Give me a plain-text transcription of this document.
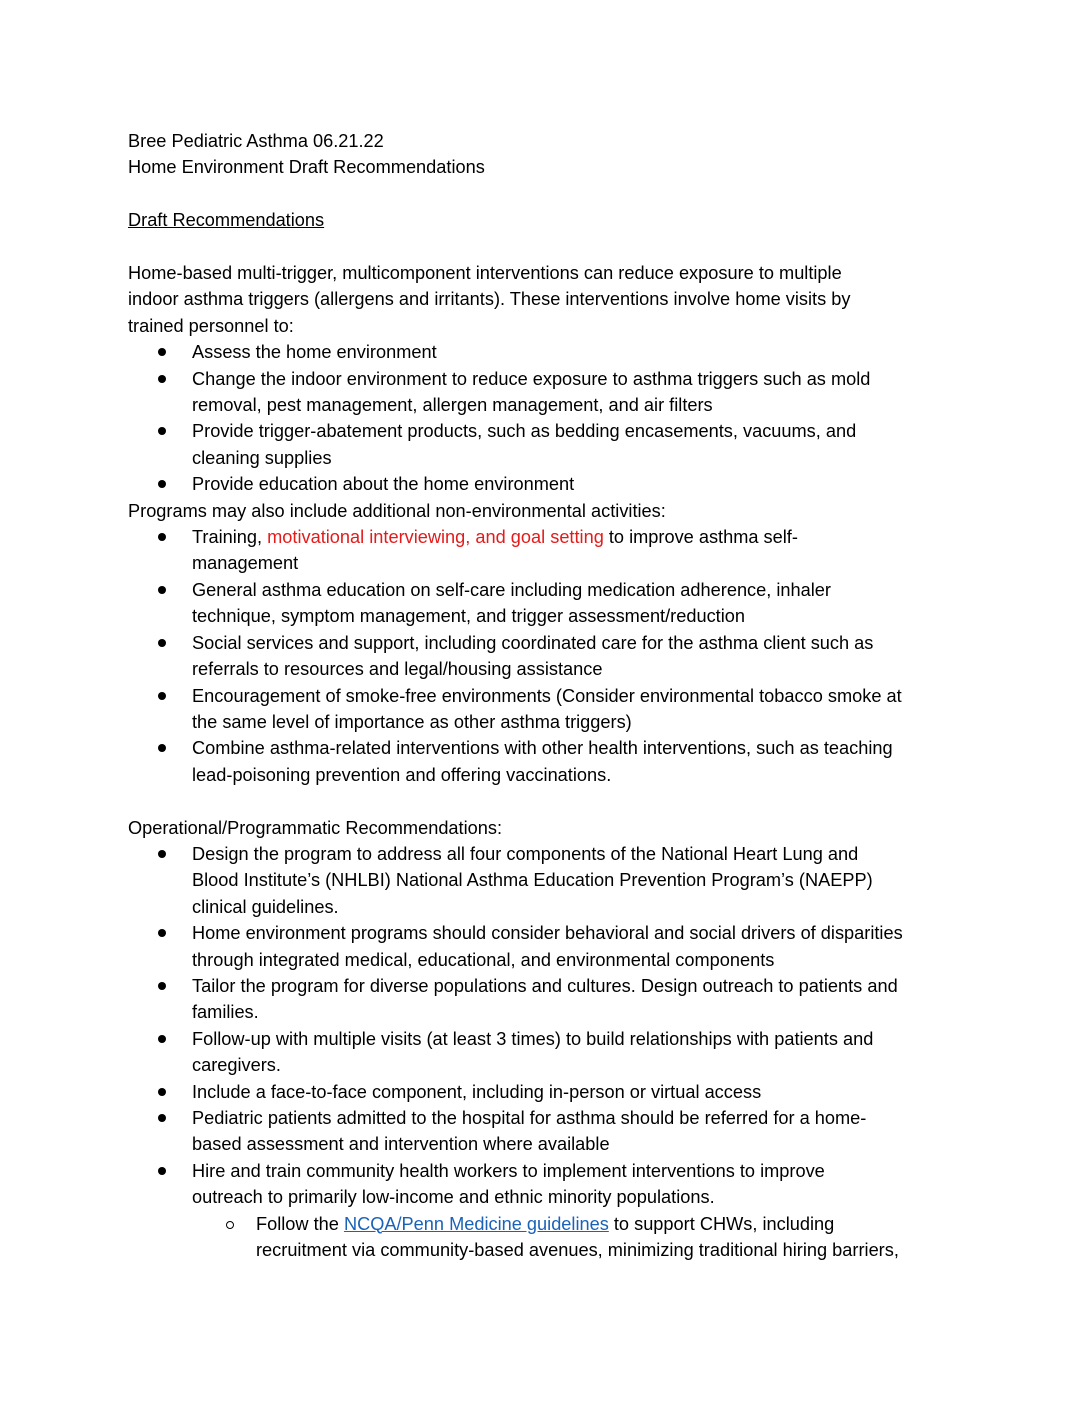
Bree Pediatric Asthma 06.21.22

Home Environment Draft Recommendations

Draft Recommendations

Home-based multi-trigger, multicomponent interventions can reduce exposure to multiple

indoor asthma triggers (allergens and irritants). These interventions involve home visits by

trained personnel to:

Assess the home environment

Change the indoor environment to reduce exposure to asthma triggers such as mold

removal, pest management, allergen management, and air filters

Provide trigger-abatement products, such as bedding encasements, vacuums, and

cleaning supplies

Provide education about the home environment

Programs may also include additional non-environmental activities:

Training, motivational interviewing, and goal setting to improve asthma self-

management

General asthma education on self-care including medication adherence, inhaler

technique, symptom management, and trigger assessment/reduction

Social services and support, including coordinated care for the asthma client such as

referrals to resources and legal/housing assistance

Encouragement of smoke-free environments (Consider environmental tobacco smoke at

the same level of importance as other asthma triggers)

Combine asthma-related interventions with other health interventions, such as teaching

lead-poisoning prevention and offering vaccinations.

Operational/Programmatic Recommendations:

Design the program to address all four components of the National Heart Lung and

Blood Institute’s (NHLBI) National Asthma Education Prevention Program’s (NAEPP)

clinical guidelines.

Home environment programs should consider behavioral and social drivers of disparities

through integrated medical, educational, and environmental components

Tailor the program for diverse populations and cultures. Design outreach to patients and

families.

Follow-up with multiple visits (at least 3 times) to build relationships with patients and

caregivers.

Include a face-to-face component, including in-person or virtual access

Pediatric patients admitted to the hospital for asthma should be referred for a home-

based assessment and intervention where available

Hire and train community health workers to implement interventions to improve

outreach to primarily low-income and ethnic minority populations.

Follow the NCQA/Penn Medicine guidelines to support CHWs, including

recruitment via community-based avenues, minimizing traditional hiring barriers,
